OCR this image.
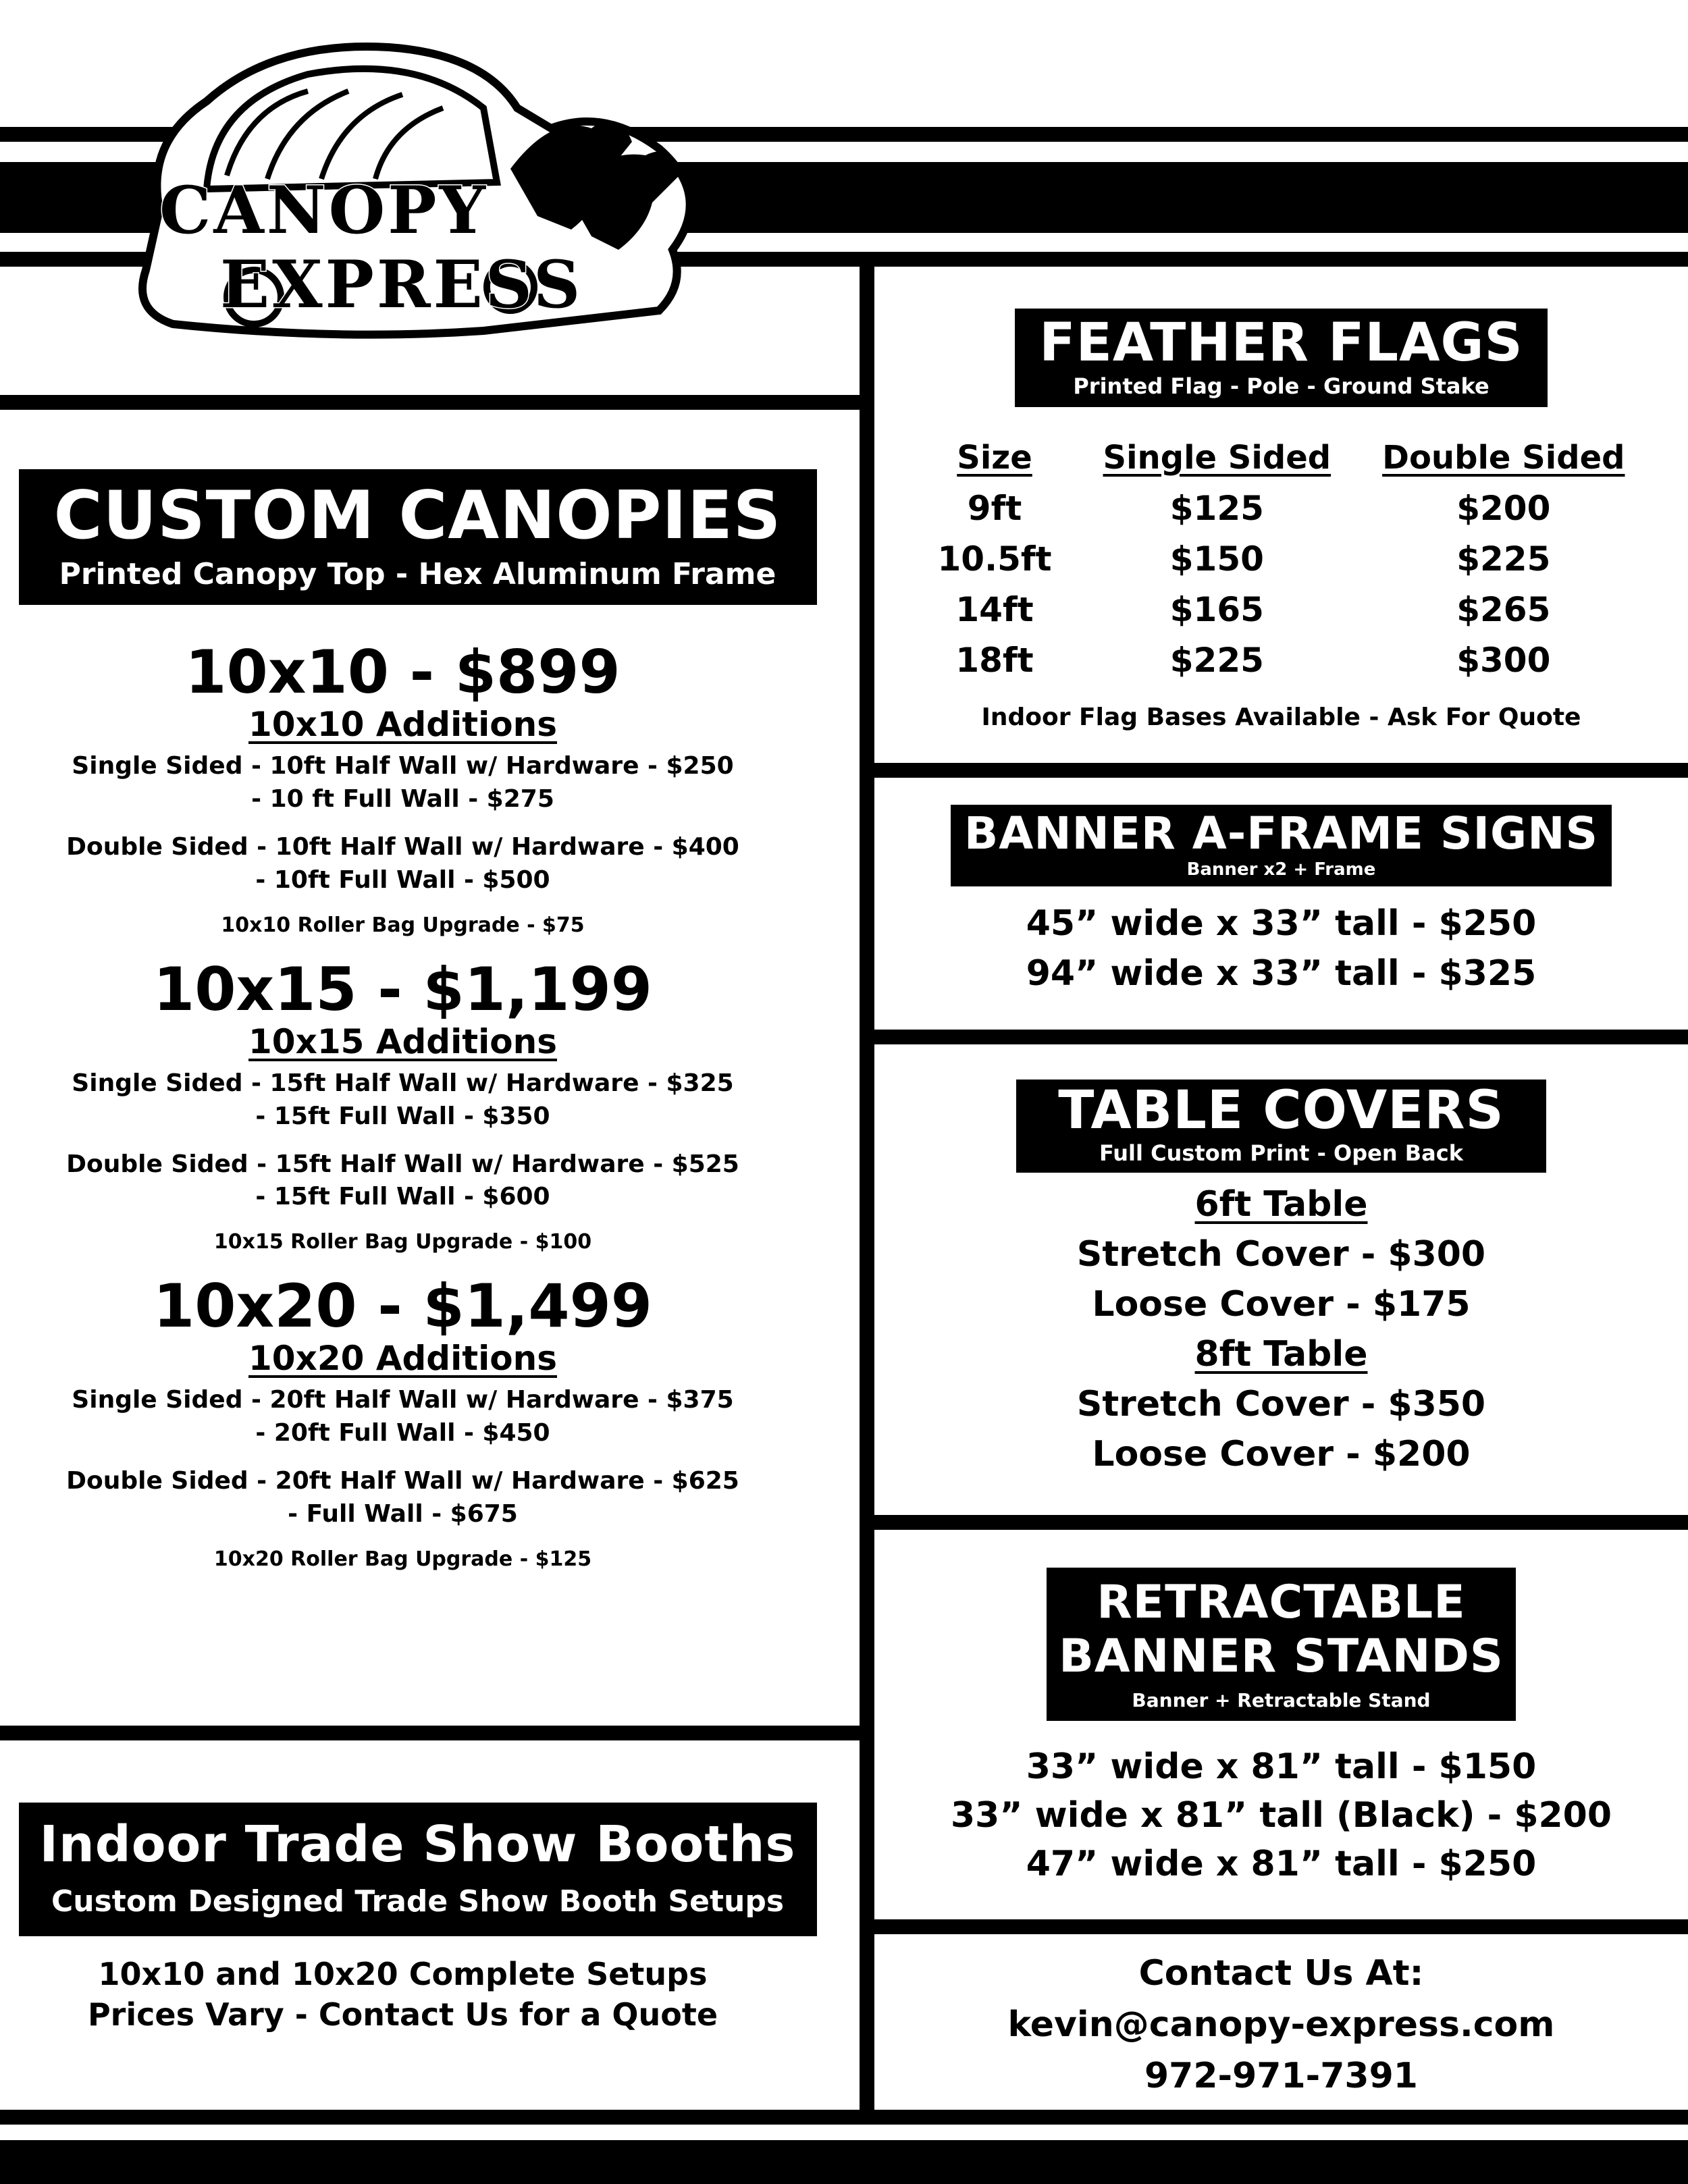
CANOPY
EXPRESS
CUSTOM CANOPIES
Printed Canopy Top - Hex Aluminum Frame
10x10 - $899
10x10 Additions
Single Sided - 10ft Half Wall w/ Hardware - $250
- 10 ft Full Wall - $275
Double Sided - 10ft Half Wall w/ Hardware - $400
- 10ft Full Wall - $500
10x10 Roller Bag Upgrade - $75
10x15 - $1,199
10x15 Additions
Single Sided - 15ft Half Wall w/ Hardware - $325
- 15ft Full Wall - $350
Double Sided - 15ft Half Wall w/ Hardware - $525
- 15ft Full Wall - $600
10x15 Roller Bag Upgrade - $100
10x20 - $1,499
10x20 Additions
Single Sided - 20ft Half Wall w/ Hardware - $375
- 20ft Full Wall - $450
Double Sided - 20ft Half Wall w/ Hardware - $625
- Full Wall - $675
10x20 Roller Bag Upgrade - $125
Indoor Trade Show Booths
Custom Designed Trade Show Booth Setups
10x10 and 10x20 Complete Setups
Prices Vary - Contact Us for a Quote
FEATHER FLAGS
Printed Flag - Pole - Ground Stake
Size	Single Sided	Double Sided
9ft	$125	$200
10.5ft	$150	$225
14ft	$165	$265
18ft	$225	$300
Indoor Flag Bases Available - Ask For Quote
BANNER A-FRAME SIGNS
Banner x2 + Frame
45” wide x 33” tall - $250
94” wide x 33” tall - $325
TABLE COVERS
Full Custom Print - Open Back
6ft Table
Stretch Cover - $300
Loose Cover - $175
8ft Table
Stretch Cover - $350
Loose Cover - $200
RETRACTABLE
BANNER STANDS
Banner + Retractable Stand
33” wide x 81” tall - $150
33” wide x 81” tall (Black) - $200
47” wide x 81” tall - $250
Contact Us At:
kevin@canopy-express.com
972-971-7391
